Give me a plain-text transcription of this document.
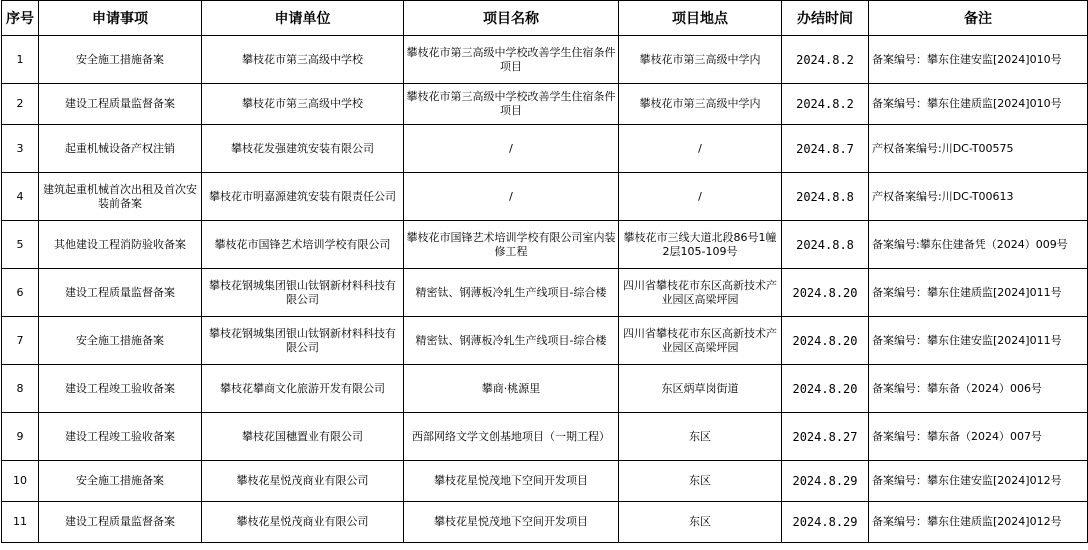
序号	申请事项	申请单位	项目名称	项目地点	办结时间	备注
1	安全施工措施备案	攀枝花市第三高级中学校	攀枝花市第三高级中学校改善学生住宿条件项目	攀枝花市第三高级中学内	2024.8.2	备案编号：攀东住建安监[2024]010号
2	建设工程质量监督备案	攀枝花市第三高级中学校	攀枝花市第三高级中学校改善学生住宿条件项目	攀枝花市第三高级中学内	2024.8.2	备案编号：攀东住建质监[2024]010号
3	起重机械设备产权注销	攀枝花发强建筑安装有限公司	/	/	2024.8.7	产权备案编号:川DC-T00575
4	建筑起重机械首次出租及首次安装前备案	攀枝花市明嘉源建筑安装有限责任公司	/	/	2024.8.8	产权备案编号:川DC-T00613
5	其他建设工程消防验收备案	攀枝花市国锋艺术培训学校有限公司	攀枝花市国锋艺术培训学校有限公司室内装修工程	攀枝花市三线大道北段86号1幢2层105-109号	2024.8.8	备案编号:攀东住建备凭（2024）009号
6	建设工程质量监督备案	攀枝花钢城集团银山钛钢新材料科技有限公司	精密钛、钢薄板冷轧生产线项目-综合楼	四川省攀枝花市东区高新技术产业园区高梁坪园	2024.8.20	备案编号：攀东住建质监[2024]011号
7	安全施工措施备案	攀枝花钢城集团银山钛钢新材料科技有限公司	精密钛、钢薄板冷轧生产线项目-综合楼	四川省攀枝花市东区高新技术产业园区高梁坪园	2024.8.20	备案编号：攀东住建安监[2024]011号
8	建设工程竣工验收备案	攀枝花攀商文化旅游开发有限公司	攀商·桃源里	东区炳草岗街道	2024.8.20	备案编号：攀东备（2024）006号
9	建设工程竣工验收备案	攀枝花国穗置业有限公司	西部网络文学文创基地项目（一期工程）	东区	2024.8.27	备案编号：攀东备（2024）007号
10	安全施工措施备案	攀枝花星悦茂商业有限公司	攀枝花星悦茂地下空间开发项目	东区	2024.8.29	备案编号：攀东住建安监[2024]012号
11	建设工程质量监督备案	攀枝花星悦茂商业有限公司	攀枝花星悦茂地下空间开发项目	东区	2024.8.29	备案编号：攀东住建质监[2024]012号
